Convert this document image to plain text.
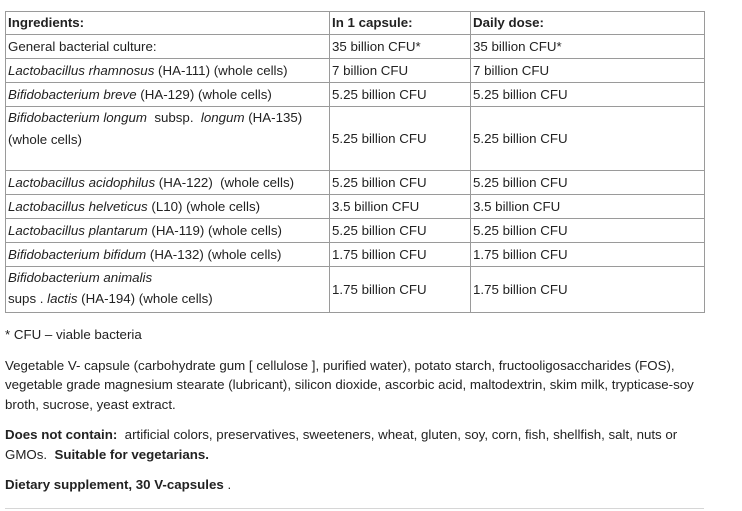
Ingredients:	In 1 capsule:	Daily dose:
General bacterial culture:	35 billion CFU*	35 billion CFU*
Lactobacillus rhamnosus (HA-111) (whole cells)	7 billion CFU	7 billion CFU
Bifidobacterium breve (HA-129) (whole cells)	5.25 billion CFU	5.25 billion CFU
Bifidobacterium longum  subsp.  longum (HA-135)
(whole cells)	5.25 billion CFU	5.25 billion CFU
Lactobacillus acidophilus (HA-122)  (whole cells)	5.25 billion CFU	5.25 billion CFU
Lactobacillus helveticus (L10) (whole cells)	3.5 billion CFU	3.5 billion CFU
Lactobacillus plantarum (HA-119) (whole cells)	5.25 billion CFU	5.25 billion CFU
Bifidobacterium bifidum (HA-132) (whole cells)	1.75 billion CFU	1.75 billion CFU
Bifidobacterium animalis
sups . lactis (HA-194) (whole cells)	1.75 billion CFU	1.75 billion CFU

* CFU – viable bacteria

Vegetable V- capsule (carbohydrate gum [ cellulose ], purified water), potato starch, fructooligosaccharides (FOS), vegetable grade magnesium stearate (lubricant), silicon dioxide, ascorbic acid, maltodextrin, skim milk, trypticase-soy broth, sucrose, yeast extract.

Does not contain:  artificial colors, preservatives, sweeteners, wheat, gluten, soy, corn, fish, shellfish, salt, nuts or GMOs.  Suitable for vegetarians.

Dietary supplement, 30 V-capsules .
